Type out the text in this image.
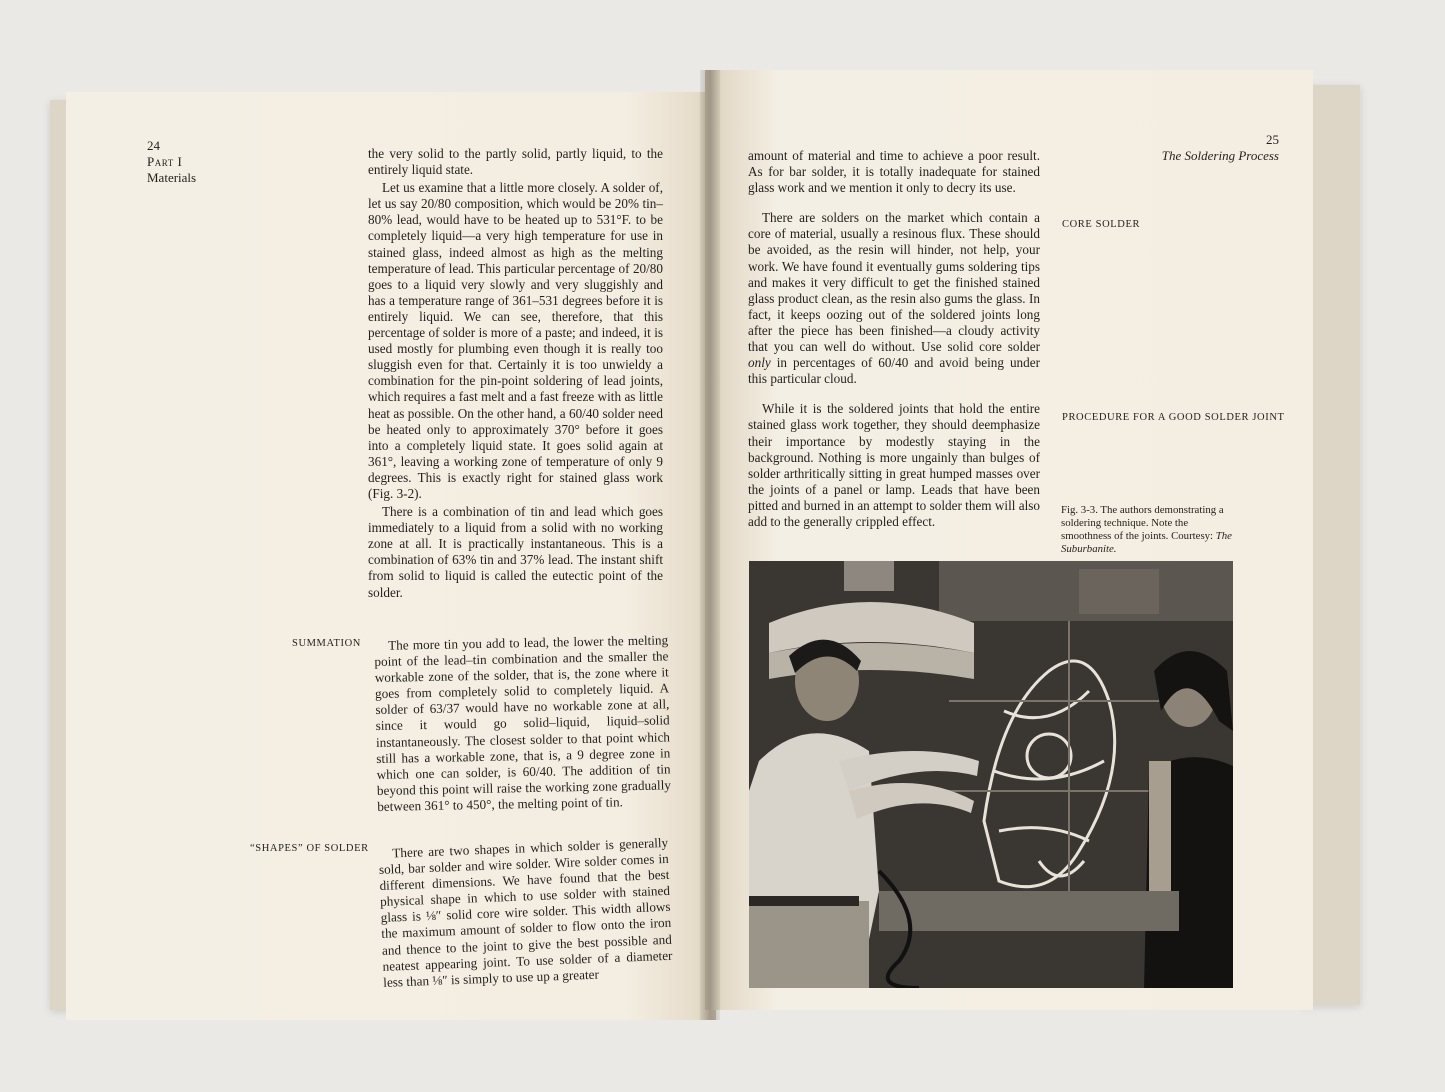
24
Part I
Materials

the very solid to the partly solid, partly liquid, to the entirely liquid state.

Let us examine that a little more closely. A solder of, let us say 20/80 composition, which would be 20% tin–80% lead, would have to be heated up to 531°F. to be completely liquid—a very high temperature for use in stained glass, indeed almost as high as the melting temperature of lead. This particular percentage of 20/80 goes to a liquid very slowly and very sluggishly and has a temperature range of 361–531 degrees before it is entirely liquid. We can see, therefore, that this percentage of solder is more of a paste; and indeed, it is used mostly for plumbing even though it is really too sluggish even for that. Certainly it is too unwieldy a combination for the pin-point soldering of lead joints, which requires a fast melt and a fast freeze with as little heat as possible. On the other hand, a 60/40 solder need be heated only to approximately 370° before it goes into a completely liquid state. It goes solid again at 361°, leaving a working zone of temperature of only 9 degrees. This is exactly right for stained glass work (Fig. 3-2).

There is a combination of tin and lead which goes immediately to a liquid from a solid with no working zone at all. It is practically instantaneous. This is a combination of 63% tin and 37% lead. The instant shift from solid to liquid is called the eutectic point of the solder.

SUMMATION	The more tin you add to lead, the lower the melting point of the lead–tin combination and the smaller the workable zone of the solder, that is, the zone where it goes from completely solid to completely liquid. A solder of 63/37 would have no workable zone at all, since it would go solid–liquid, liquid–solid instantaneously. The closest solder to that point which still has a workable zone, that is, a 9 degree zone in which one can solder, is 60/40. The addition of tin beyond this point will raise the working zone gradually between 361° to 450°, the melting point of tin.

“SHAPES” OF SOLDER	There are two shapes in which solder is generally sold, bar solder and wire solder. Wire solder comes in different dimensions. We have found that the best physical shape in which to use solder with stained glass is ⅛″ solid core wire solder. This width allows the maximum amount of solder to flow onto the iron and thence to the joint to give the best possible and neatest appearing joint. To use solder of a diameter less than ⅛″ is simply to use up a greater

25
The Soldering Process

amount of material and time to achieve a poor result. As for bar solder, it is totally inadequate for stained glass work and we mention it only to decry its use.

There are solders on the market which contain a core of material, usually a resinous flux. These should be avoided, as the resin will hinder, not help, your work. We have found it eventually gums soldering tips and makes it very difficult to get the finished stained glass product clean, as the resin also gums the glass. In fact, it keeps oozing out of the soldered joints long after the piece has been finished—a cloudy activity that you can well do without. Use solid core solder only in percentages of 60/40 and avoid being under this particular cloud.

While it is the soldered joints that hold the entire stained glass work together, they should deemphasize their importance by modestly staying in the background. Nothing is more ungainly than bulges of solder arthritically sitting in great humped masses over the joints of a panel or lamp. Leads that have been pitted and burned in an attempt to solder them will also add to the generally crippled effect.

CORE SOLDER
PROCEDURE FOR A GOOD SOLDER JOINT
Fig. 3-3. The authors demonstrating a soldering technique. Note the smoothness of the joints. Courtesy: The Suburbanite.
